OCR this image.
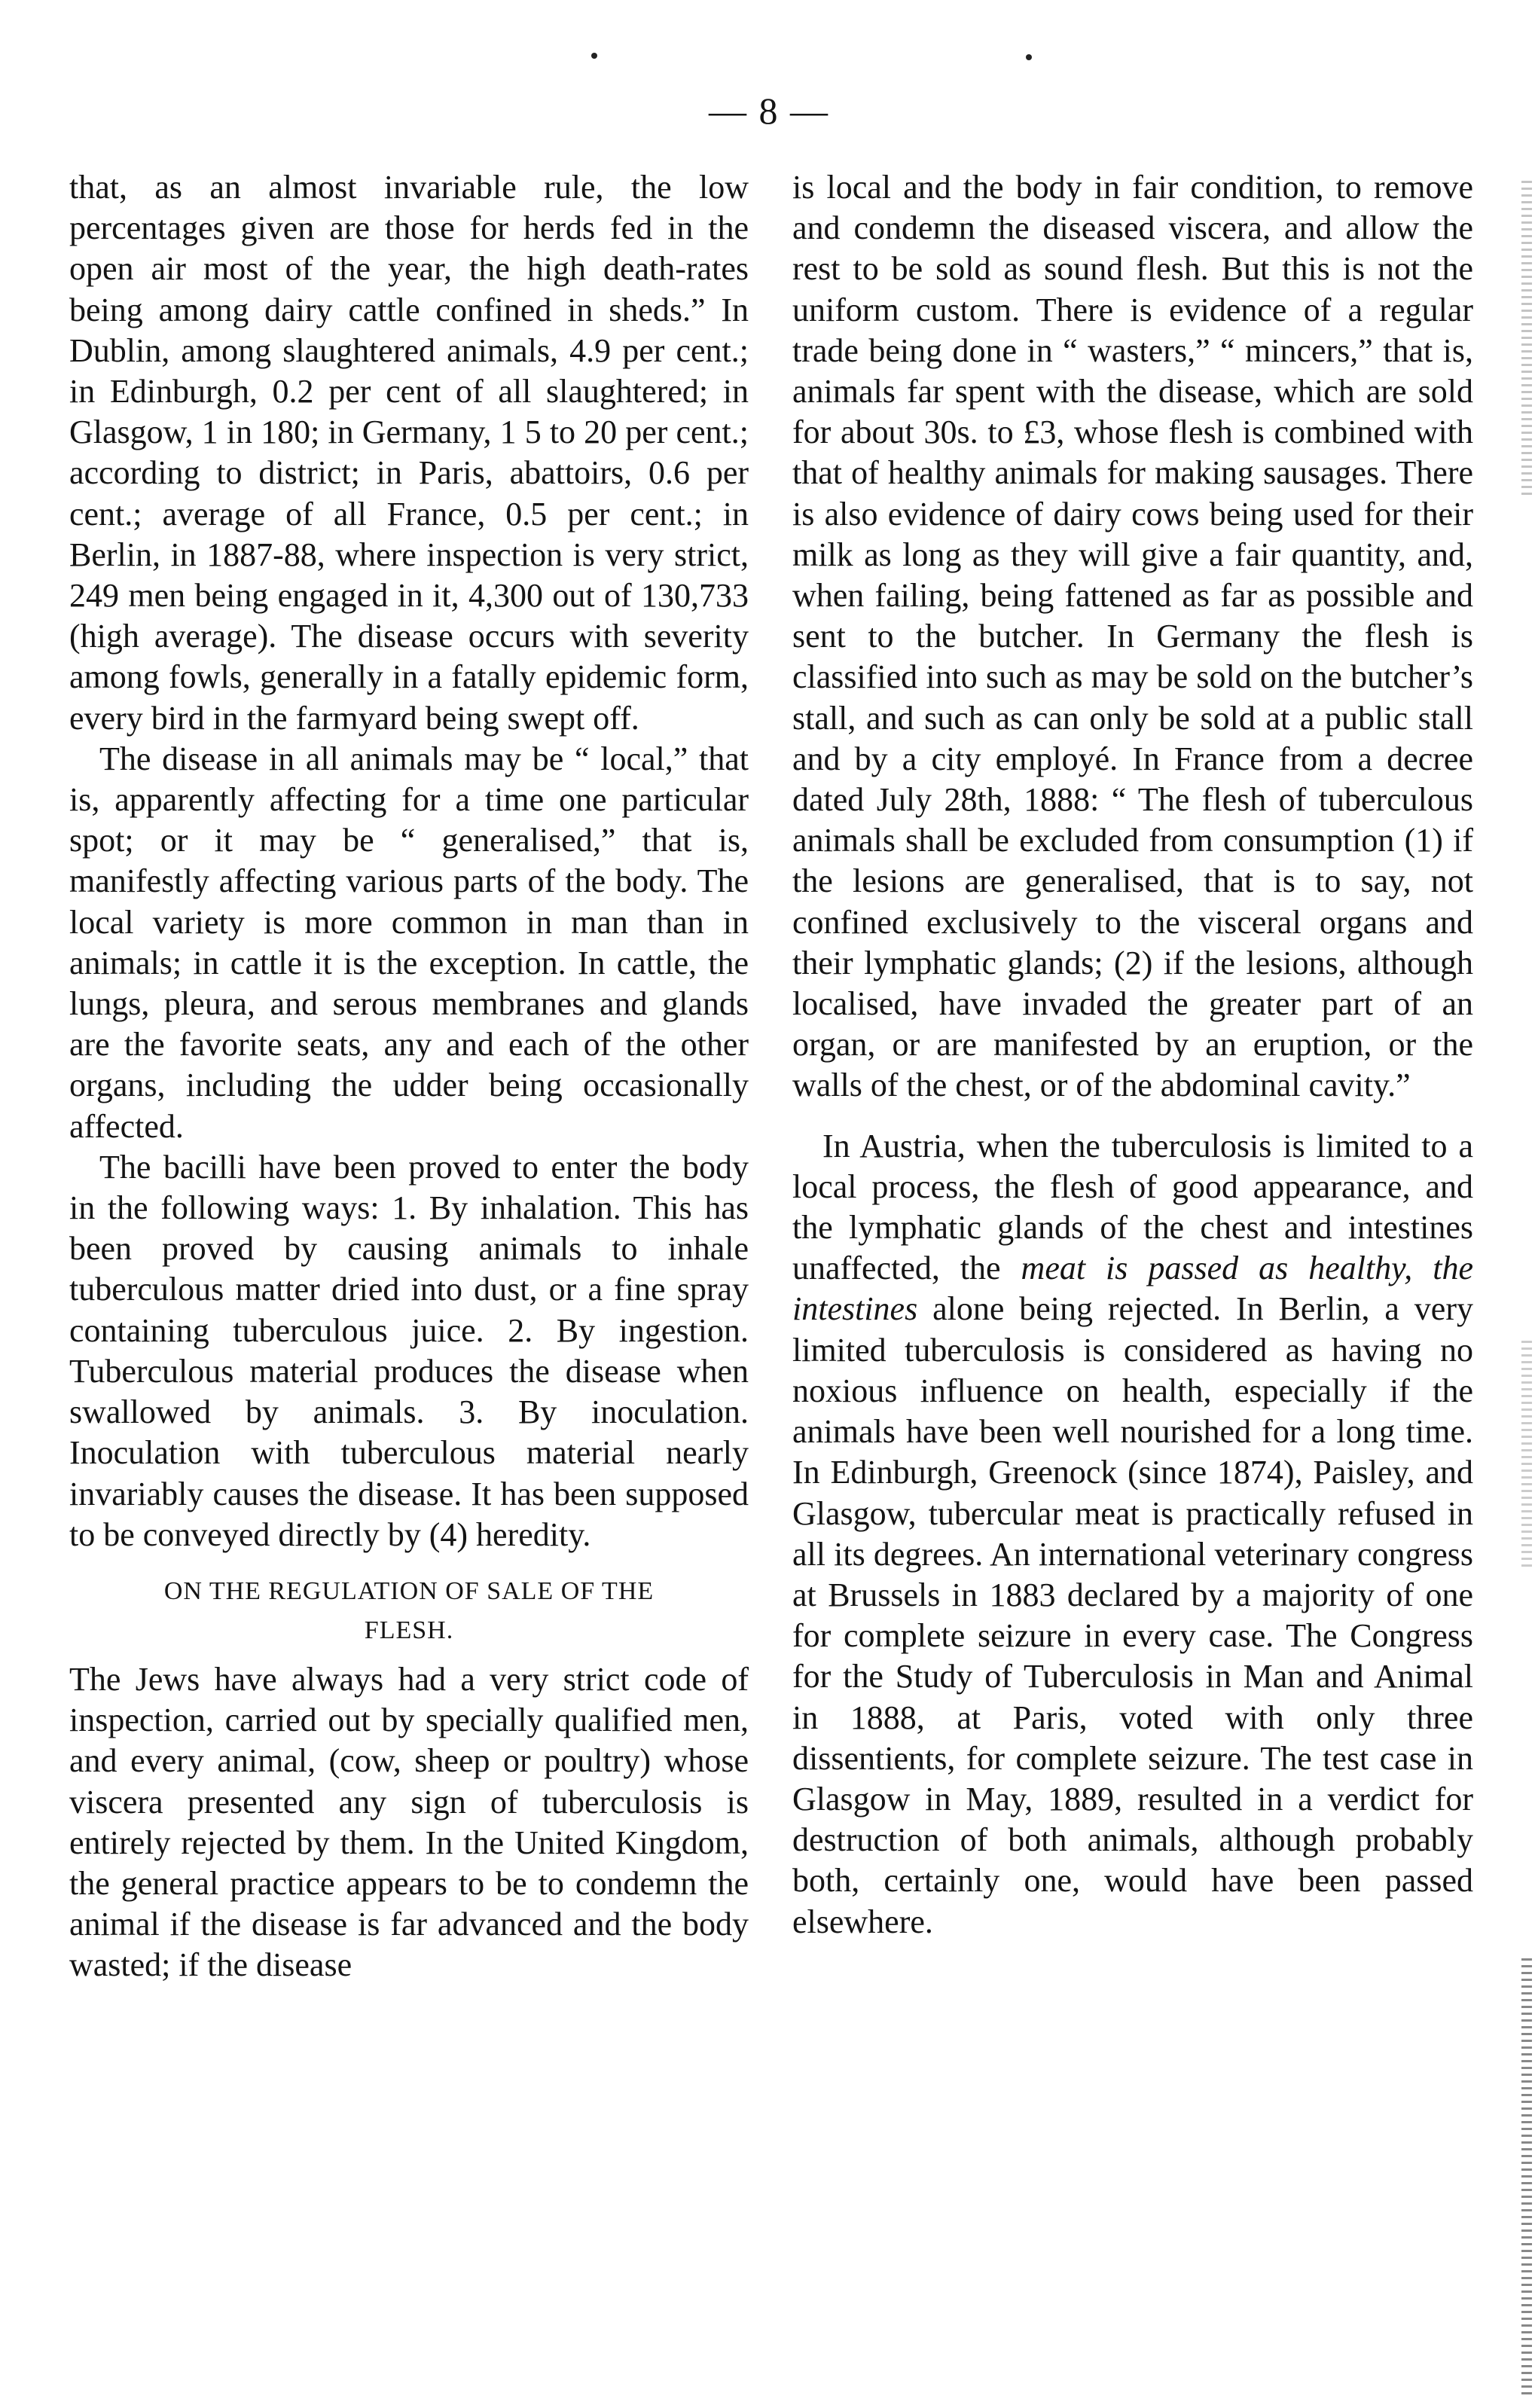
— 8 —

that, as an almost invariable rule, the low percentages given are those for herds fed in the open air most of the year, the high death-rates being among dairy cattle confined in sheds.” In Dublin, among slaughtered animals, 4.9 per cent.; in Edinburgh, 0.2 per cent of all slaughtered; in Glasgow, 1 in 180; in Germany, 1 5 to 20 per cent.; according to district; in Paris, abattoirs, 0.6 per cent.; average of all France, 0.5 per cent.; in Berlin, in 1887-88, where inspection is very strict, 249 men being engaged in it, 4,300 out of 130,733 (high average). The disease occurs with severity among fowls, generally in a fatally epidemic form, every bird in the farmyard being swept off.

The disease in all animals may be “ local,” that is, apparently affecting for a time one particular spot; or it may be “ generalised,” that is, manifestly affecting various parts of the body. The local variety is more common in man than in animals; in cattle it is the exception. In cattle, the lungs, pleura, and serous membranes and glands are the favorite seats, any and each of the other organs, including the udder being occasionally affected.

The bacilli have been proved to enter the body in the following ways: 1. By inhalation. This has been proved by causing animals to inhale tuberculous matter dried into dust, or a fine spray containing tuberculous juice. 2. By ingestion. Tuberculous material produces the disease when swallowed by animals. 3. By inoculation. Inoculation with tuberculous material nearly invariably causes the disease. It has been supposed to be conveyed directly by (4) heredity.

ON THE REGULATION OF SALE OF THE
FLESH.

The Jews have always had a very strict code of inspection, carried out by specially qualified men, and every animal, (cow, sheep or poultry) whose viscera presented any sign of tuberculosis is entirely rejected by them. In the United Kingdom, the general practice appears to be to condemn the animal if the disease is far advanced and the body wasted; if the disease

is local and the body in fair condition, to remove and condemn the diseased viscera, and allow the rest to be sold as sound flesh. But this is not the uniform custom. There is evidence of a regular trade being done in “ wasters,” “ mincers,” that is, animals far spent with the disease, which are sold for about 30s. to £3, whose flesh is combined with that of healthy animals for making sausages. There is also evidence of dairy cows being used for their milk as long as they will give a fair quantity, and, when failing, being fattened as far as possible and sent to the butcher. In Germany the flesh is classified into such as may be sold on the butcher’s stall, and such as can only be sold at a public stall and by a city employé. In France from a decree dated July 28th, 1888: “ The flesh of tuberculous animals shall be excluded from consumption (1) if the lesions are generalised, that is to say, not confined exclusively to the visceral organs and their lymphatic glands; (2) if the lesions, although localised, have invaded the greater part of an organ, or are manifested by an eruption, or the walls of the chest, or of the abdominal cavity.”

In Austria, when the tuberculosis is limited to a local process, the flesh of good appearance, and the lymphatic glands of the chest and intestines unaffected, the meat is passed as healthy, the intestines alone being rejected. In Berlin, a very limited tuberculosis is considered as having no noxious influence on health, especially if the animals have been well nourished for a long time. In Edinburgh, Greenock (since 1874), Paisley, and Glasgow, tubercular meat is practically refused in all its degrees. An international veterinary congress at Brussels in 1883 declared by a majority of one for complete seizure in every case. The Congress for the Study of Tuberculosis in Man and Animal in 1888, at Paris, voted with only three dissentients, for complete seizure. The test case in Glasgow in May, 1889, resulted in a verdict for destruction of both animals, although probably both, certainly one, would have been passed elsewhere.
